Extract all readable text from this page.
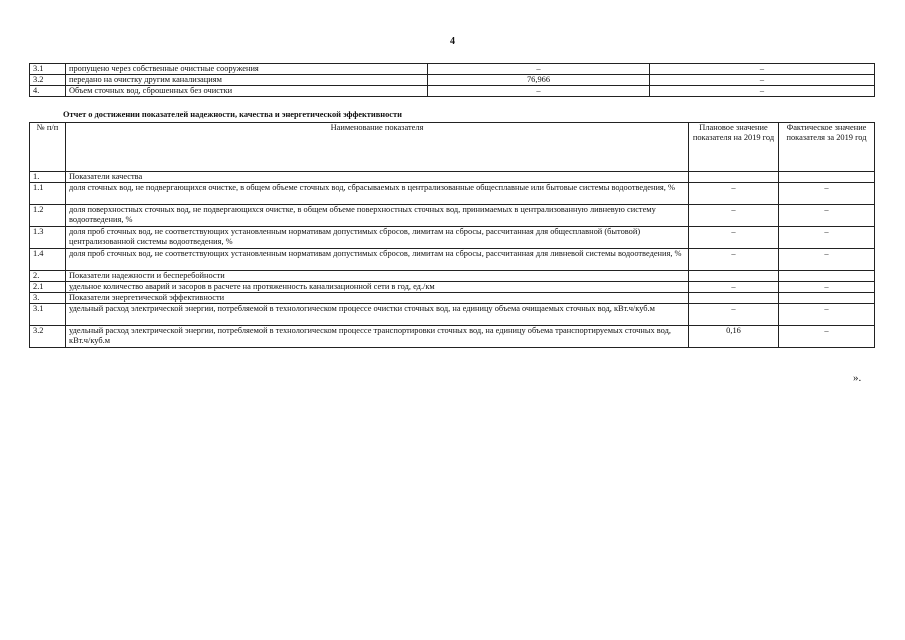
4
3.1	пропущено через собственные очистные сооружения	–	–
3.2	передано на очистку другим канализациям	76,966	–
4.	Объем сточных вод, сброшенных без очистки	–	–
Отчет о достижении показателей надежности, качества и энергетической эффективности
№ п/п	Наименование показателя	Плановое значение показателя на 2019 год	Фактическое значение показателя за 2019 год
1.	Показатели качества		
1.1	доля сточных вод, не подвергающихся очистке, в общем объеме сточных вод, сбрасываемых в централизованные общесплавные или бытовые системы водоотведения, %	–	–
1.2	доля поверхностных сточных вод, не подвергающихся очистке, в общем объеме поверхностных сточных вод, принимаемых в централизованную ливневую систему водоотведения, %	–	–
1.3	доля проб сточных вод, не соответствующих установленным нормативам допустимых сбросов, лимитам на сбросы, рассчитанная для общесплавной (бытовой) централизованной системы водоотведения, %	–	–
1.4	доля проб сточных вод, не соответствующих установленным нормативам допустимых сбросов, лимитам на сбросы, рассчитанная для ливневой системы водоотведения, %	–	–
2.	Показатели надежности и бесперебойности		
2.1	удельное количество аварий и засоров в расчете на протяженность канализационной сети в год, ед./км	–	–
3.	Показатели энергетической эффективности		
3.1	удельный расход электрической энергии, потребляемой в технологическом процессе очистки сточных вод, на единицу объема очищаемых сточных вод, кВт.ч/куб.м	–	–
3.2	удельный расход электрической энергии, потребляемой в технологическом процессе транспортировки сточных вод, на единицу объема транспортируемых сточных вод, кВт.ч/куб.м	0,16	–
».
